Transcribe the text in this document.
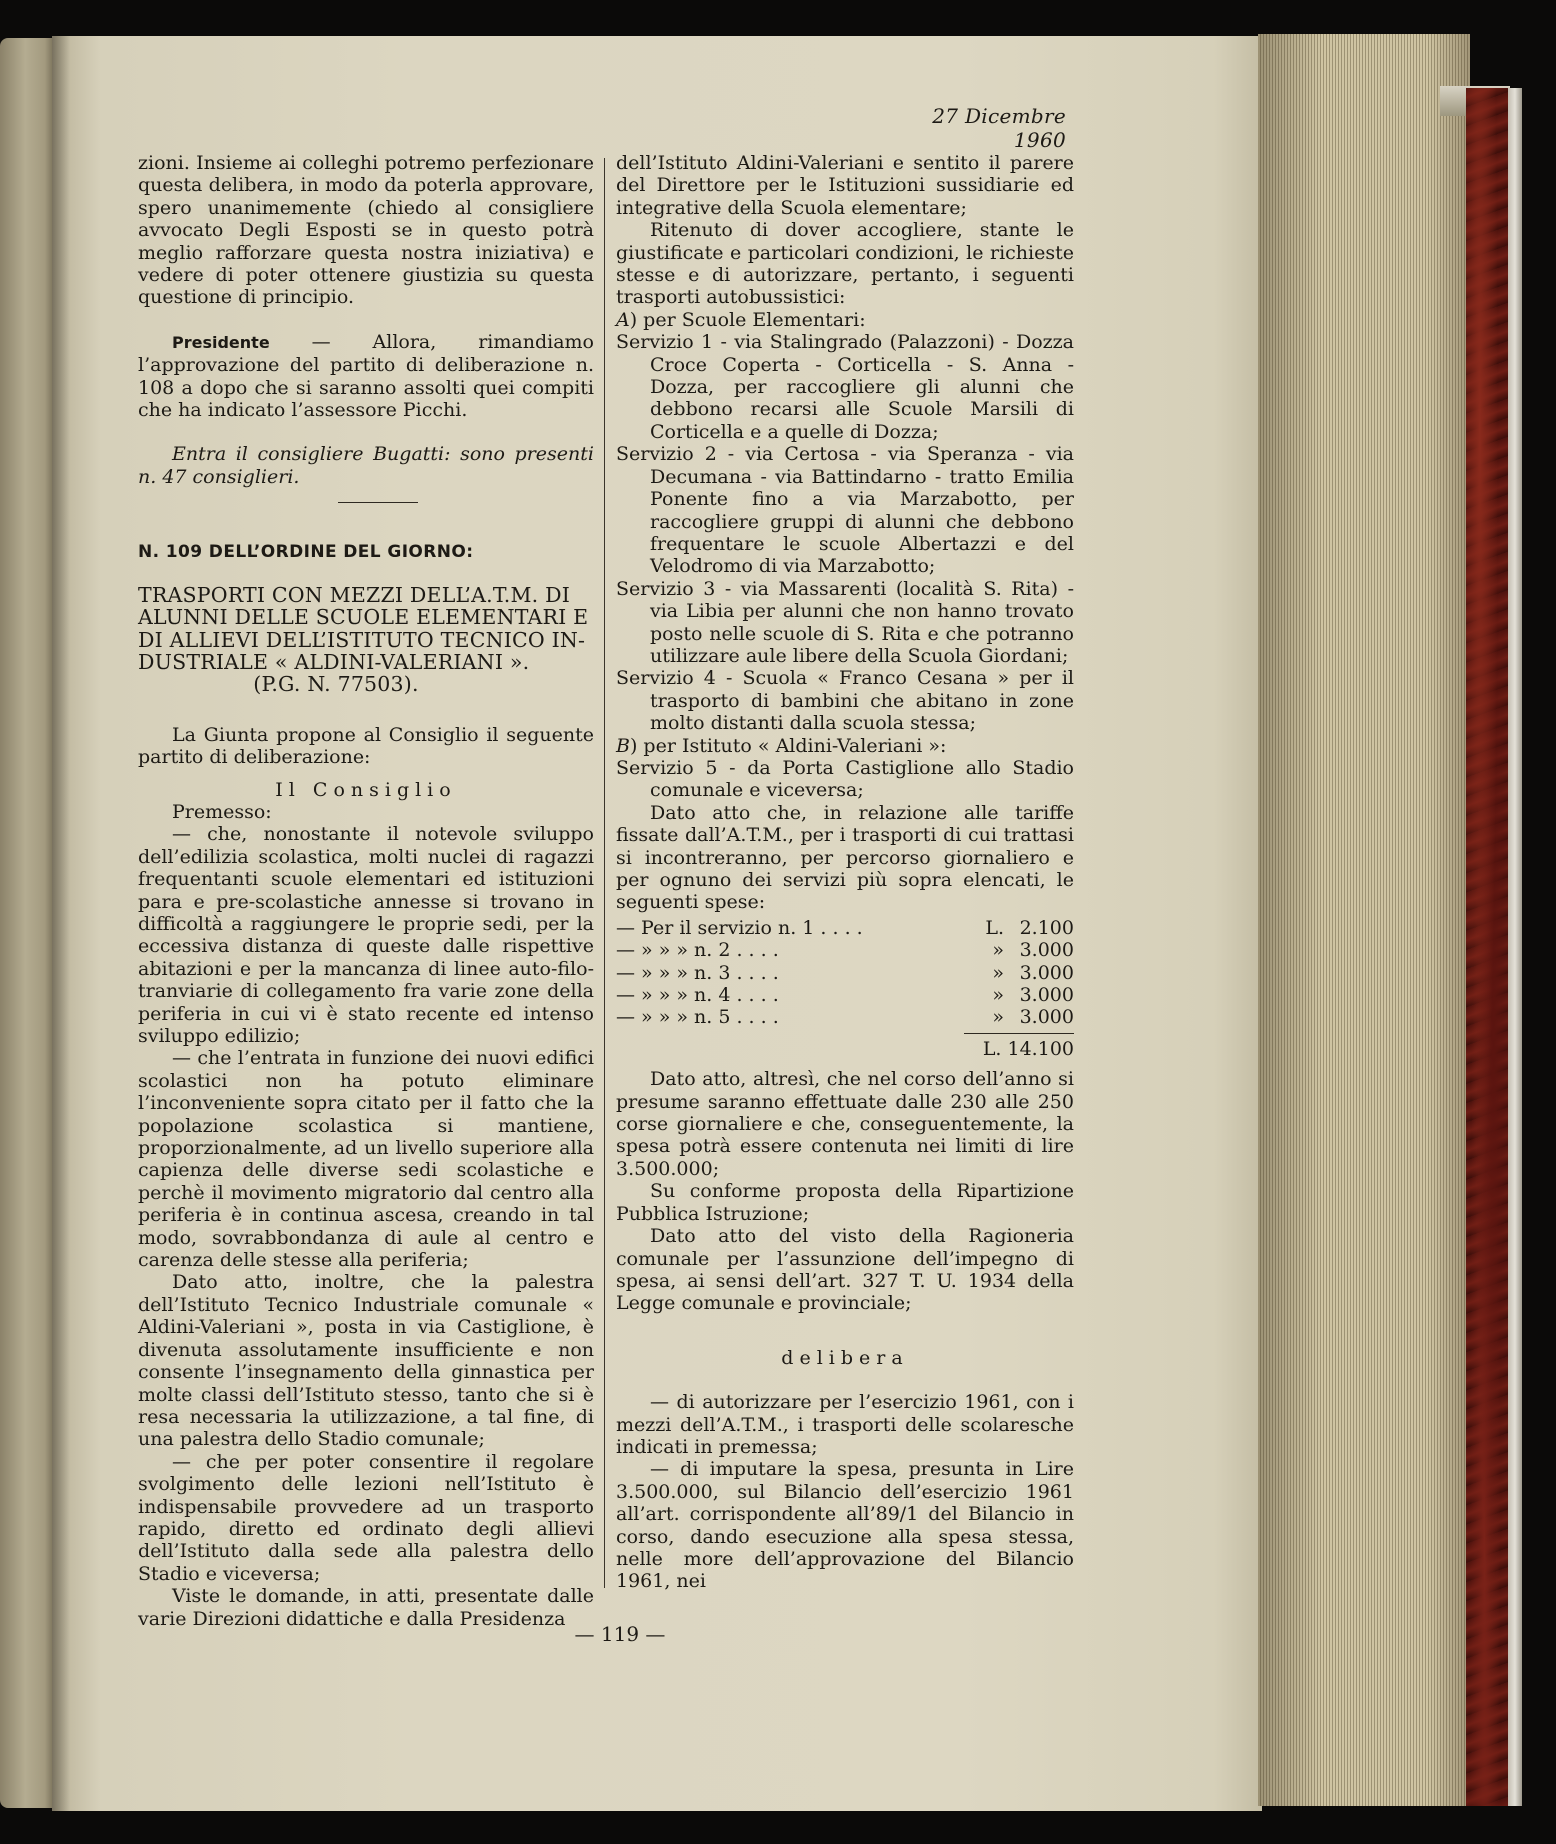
27 Dicembre 1960

zioni. Insieme ai colleghi potremo perfezionare questa delibera, in modo da poterla approvare, spero unanimemente (chiedo al consigliere avvocato Degli Esposti se in questo potrà meglio rafforzare questa nostra iniziativa) e vedere di poter ottenere giustizia su questa questione di principio.

Presidente — Allora, rimandiamo l’approvazione del partito di deliberazione n. 108 a dopo che si saranno assolti quei compiti che ha indicato l’assessore Picchi.

Entra il consigliere Bugatti: sono presenti n. 47 consiglieri.

N. 109 DELL’ORDINE DEL GIORNO:

TRASPORTI CON MEZZI DELL’A.T.M. DI

ALUNNI DELLE SCUOLE ELEMENTARI E

DI ALLIEVI DELL’ISTITUTO TECNICO IN-

DUSTRIALE « ALDINI-VALERIANI ».

(P.G. N. 77503).

La Giunta propone al Consiglio il seguente partito di deliberazione:

Il Consiglio

Premesso:

— che, nonostante il notevole sviluppo dell’edilizia scolastica, molti nuclei di ragazzi frequentanti scuole elementari ed istituzioni para e pre-scolastiche annesse si trovano in difficoltà a raggiungere le proprie sedi, per la eccessiva distanza di queste dalle rispettive abitazioni e per la mancanza di linee auto-filo-tranviarie di collegamento fra varie zone della periferia in cui vi è stato recente ed intenso sviluppo edilizio;

— che l’entrata in funzione dei nuovi edifici scolastici non ha potuto eliminare l’inconveniente sopra citato per il fatto che la popolazione scolastica si mantiene, proporzionalmente, ad un livello superiore alla capienza delle diverse sedi scolastiche e perchè il movimento migratorio dal centro alla periferia è in continua ascesa, creando in tal modo, sovrabbondanza di aule al centro e carenza delle stesse alla periferia;

Dato atto, inoltre, che la palestra dell’Istituto Tecnico Industriale comunale « Aldini-Valeriani », posta in via Castiglione, è divenuta assolutamente insufficiente e non consente l’insegnamento della ginnastica per molte classi dell’Istituto stesso, tanto che si è resa necessaria la utilizzazione, a tal fine, di una palestra dello Stadio comunale;

— che per poter consentire il regolare svolgimento delle lezioni nell’Istituto è indispensabile provvedere ad un trasporto rapido, diretto ed ordinato degli allievi dell’Istituto dalla sede alla palestra dello Stadio e viceversa;

Viste le domande, in atti, presentate dalle varie Direzioni didattiche e dalla Presidenza

dell’Istituto Aldini-Valeriani e sentito il parere del Direttore per le Istituzioni sussidiarie ed integrative della Scuola elementare;

Ritenuto di dover accogliere, stante le giustificate e particolari condizioni, le richieste stesse e di autorizzare, pertanto, i seguenti trasporti autobussistici:

A) per Scuole Elementari:

Servizio 1 - via Stalingrado (Palazzoni) - Dozza Croce Coperta - Corticella - S. Anna - Dozza, per raccogliere gli alunni che debbono recarsi alle Scuole Marsili di Corticella e a quelle di Dozza;

Servizio 2 - via Certosa - via Speranza - via Decumana - via Battindarno - tratto Emilia Ponente fino a via Marzabotto, per raccogliere gruppi di alunni che debbono frequentare le scuole Albertazzi e del Velodromo di via Marzabotto;

Servizio 3 - via Massarenti (località S. Rita) - via Libia per alunni che non hanno trovato posto nelle scuole di S. Rita e che potranno utilizzare aule libere della Scuola Giordani;

Servizio 4 - Scuola « Franco Cesana » per il trasporto di bambini che abitano in zone molto distanti dalla scuola stessa;

B) per Istituto « Aldini-Valeriani »:

Servizio 5 - da Porta Castiglione allo Stadio comunale e viceversa;

Dato atto che, in relazione alle tariffe fissate dall’A.T.M., per i trasporti di cui trattasi si incontreranno, per percorso giornaliero e per ognuno dei servizi più sopra elencati, le seguenti spese:

— Per il servizio n. 1 . . . .	L.	2.100
— » » » n. 2 . . . .	»	3.000
— » » » n. 3 . . . .	»	3.000
— » » » n. 4 . . . .	»	3.000
— » » » n. 5 . . . .	»	3.000

L. 14.100

Dato atto, altresì, che nel corso dell’anno si presume saranno effettuate dalle 230 alle 250 corse giornaliere e che, conseguentemente, la spesa potrà essere contenuta nei limiti di lire 3.500.000;

Su conforme proposta della Ripartizione Pubblica Istruzione;

Dato atto del visto della Ragioneria comunale per l’assunzione dell’impegno di spesa, ai sensi dell’art. 327 T. U. 1934 della Legge comunale e provinciale;

delibera

— di autorizzare per l’esercizio 1961, con i mezzi dell’A.T.M., i trasporti delle scolaresche indicati in premessa;

— di imputare la spesa, presunta in Lire 3.500.000, sul Bilancio dell’esercizio 1961 all’art. corrispondente all’89/1 del Bilancio in corso, dando esecuzione alla spesa stessa, nelle more dell’approvazione del Bilancio 1961, nei

— 119 —
